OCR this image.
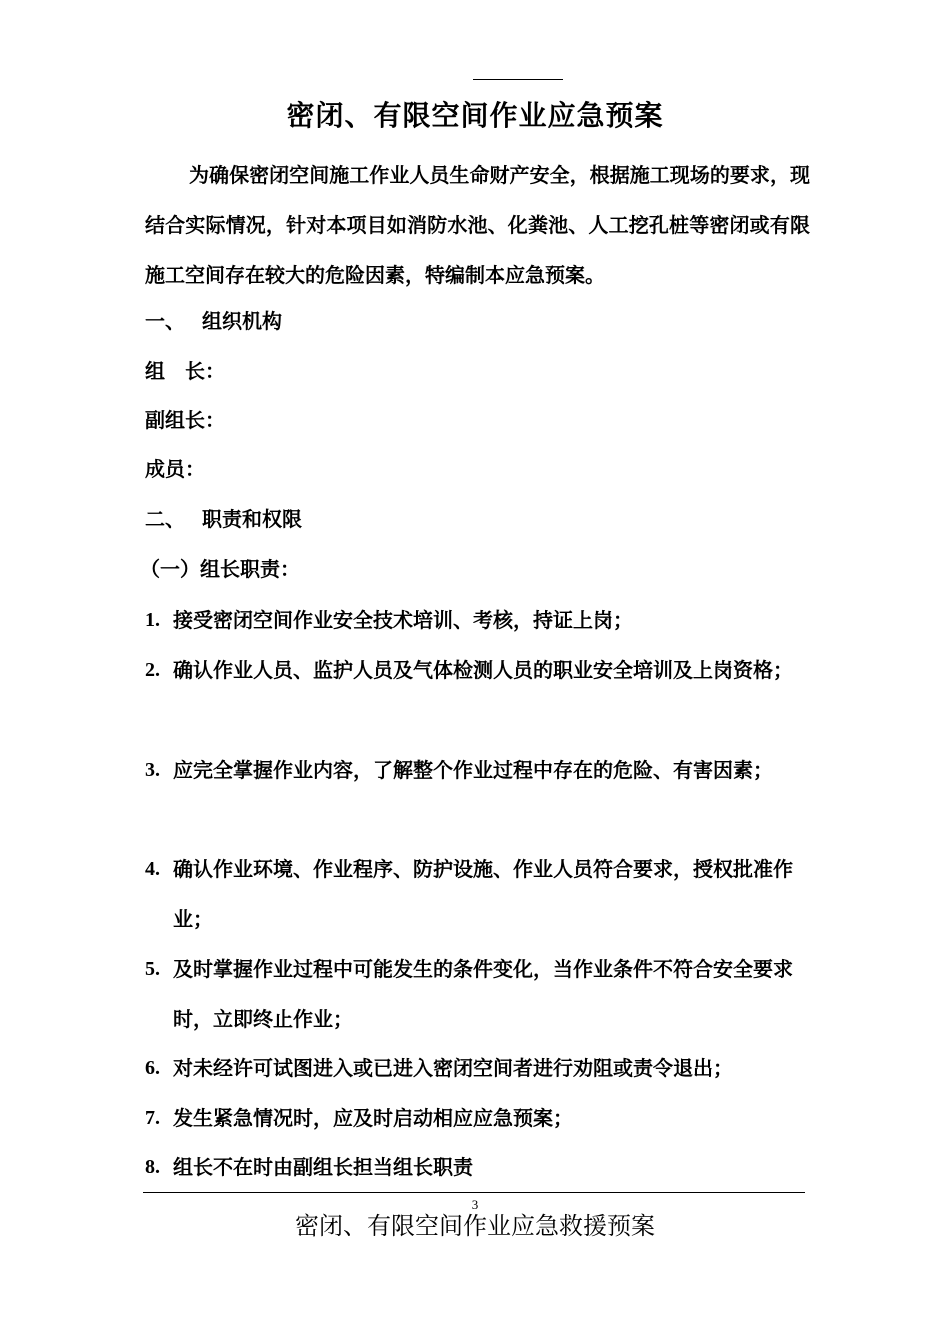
密闭、有限空间作业应急预案

为确保密闭空间施工作业人员生命财产安全，根据施工现场的要求，现结合实际情况，针对本项目如消防水池、化粪池、人工挖孔桩等密闭或有限施工空间存在较大的危险因素，特编制本应急预案。

一、 组织机构
组　长：
副组长：
成员：
二、 职责和权限
（一）组长职责：
1. 接受密闭空间作业安全技术培训、考核，持证上岗；
2. 确认作业人员、监护人员及气体检测人员的职业安全培训及上岗资格；
3. 应完全掌握作业内容，了解整个作业过程中存在的危险、有害因素；
4. 确认作业环境、作业程序、防护设施、作业人员符合要求，授权批准作业；
5. 及时掌握作业过程中可能发生的条件变化，当作业条件不符合安全要求时，立即终止作业；
6. 对未经许可试图进入或已进入密闭空间者进行劝阻或责令退出；
7. 发生紧急情况时，应及时启动相应应急预案；
8. 组长不在时由副组长担当组长职责
3
密闭、有限空间作业应急救援预案
